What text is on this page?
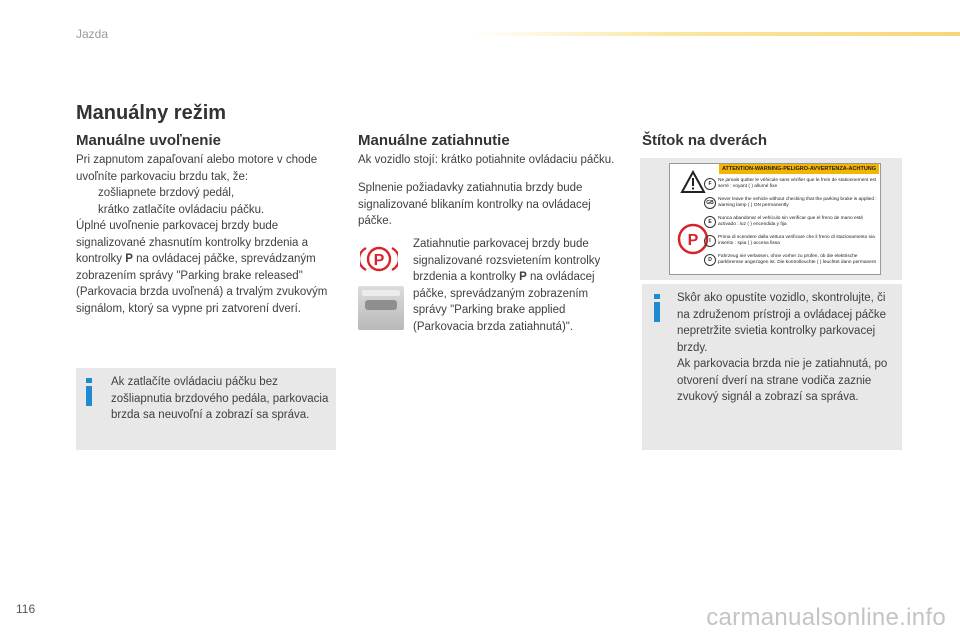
Jazda
Manuálny režim
Manuálne uvoľnenie
Pri zapnutom zapaľovaní alebo motore v chode uvoľníte parkovaciu brzdu tak, že:
zošliapnete brzdový pedál,
krátko zatlačíte ovládaciu páčku.
Úplné uvoľnenie parkovacej brzdy bude signalizované zhasnutím kontrolky brzdenia a kontrolky P na ovládacej páčke, sprevádzaným zobrazením správy "Parking brake released" (Parkovacia brzda uvoľnená) a trvalým zvukovým signálom, ktorý sa vypne pri zatvorení dverí.
Ak zatlačíte ovládaciu páčku bez zošliapnutia brzdového pedála, parkovacia brzda sa neuvoľní a zobrazí sa správa.
Manuálne zatiahnutie
Ak vozidlo stojí: krátko potiahnite ovládaciu páčku.
Splnenie požiadavky zatiahnutia brzdy bude signalizované blikaním kontrolky na ovládacej páčke.
P
Zatiahnutie parkovacej brzdy bude signalizované rozsvietením kontrolky brzdenia a kontrolky P na ovládacej páčke, sprevádzaným zobrazením správy "Parking brake applied (Parkovacia brzda zatiahnutá)".
Štítok na dverách
ATTENTION-WARNING-PELIGRO-AVVERTENZA-ACHTUNG
P
F
Ne jamais quitter le véhicule sans vérifier que le frein de stationnement est serré : voyant ( ) allumé fixe
GB
Never leave the vehicle without checking that the parking brake is applied : warning lamp ( ) ON permanently
E
Nunca abandonar el vehículo sin verificar que el freno de mano esté activado : luz ( ) encendida y fija
I
Prima di scendere dalla vettura verificare che il freno di stazionamento sia inserito : spia ( ) accesa fissa
D
Fahrzeug nie verlassen, ohne vorher zu prüfen, ob die elektrische parkbremse angezogen ist. Die kontrolleuchte ( ) leuchtet dann permanent
Skôr ako opustíte vozidlo, skontrolujte, či na združenom prístroji a ovládacej páčke nepretržite svietia kontrolky parkovacej brzdy.
Ak parkovacia brzda nie je zatiahnutá, po otvorení dverí na strane vodiča zaznie zvukový signál a zobrazí sa správa.
116	carmanualsonline.info
